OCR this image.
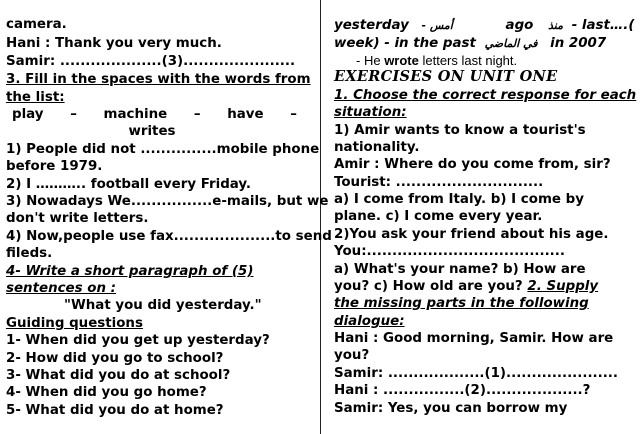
camera.
Hani : Thank you very much.
Samir: ....................(3)......................
3. Fill in the spaces with the words from
the list:
play – machine – have –
writes
1) People did not ...............mobile phone
before 1979.
2) I ……….. football every Friday.
3) Nowadays We................e-mails, but we
don't write letters.
4) Now,people use fax....................to send
fileds.
4- Write a short paragraph of (5)
sentences on :
"What you did yesterday."
Guiding questions
1- When did you get up yesterday?
2- How did you go to school?
3- What did you do at school?
4- When did you go home?
5- What did you do at home?
yesterday أمس -	ago منذ - last….(
week) - in the past في الماضي in 2007
- He wrote letters last night.
EXERCISES ON UNIT ONE
1. Choose the correct response for each
situation:
1) Amir wants to know a tourist's
nationality.
Amir : Where do you come from, sir?
Tourist: .............................
a) I come from Italy. b) I come by
plane. c) I come every year.
2)You ask your friend about his age.
You:.......................................
a) What's your name? b) How are
you? c) How old are you? 2. Supply
the missing parts in the following
dialogue:
Hani : Good morning, Samir. How are
you?
Samir: ...................(1)......................
Hani : ................(2)...................?
Samir: Yes, you can borrow my
